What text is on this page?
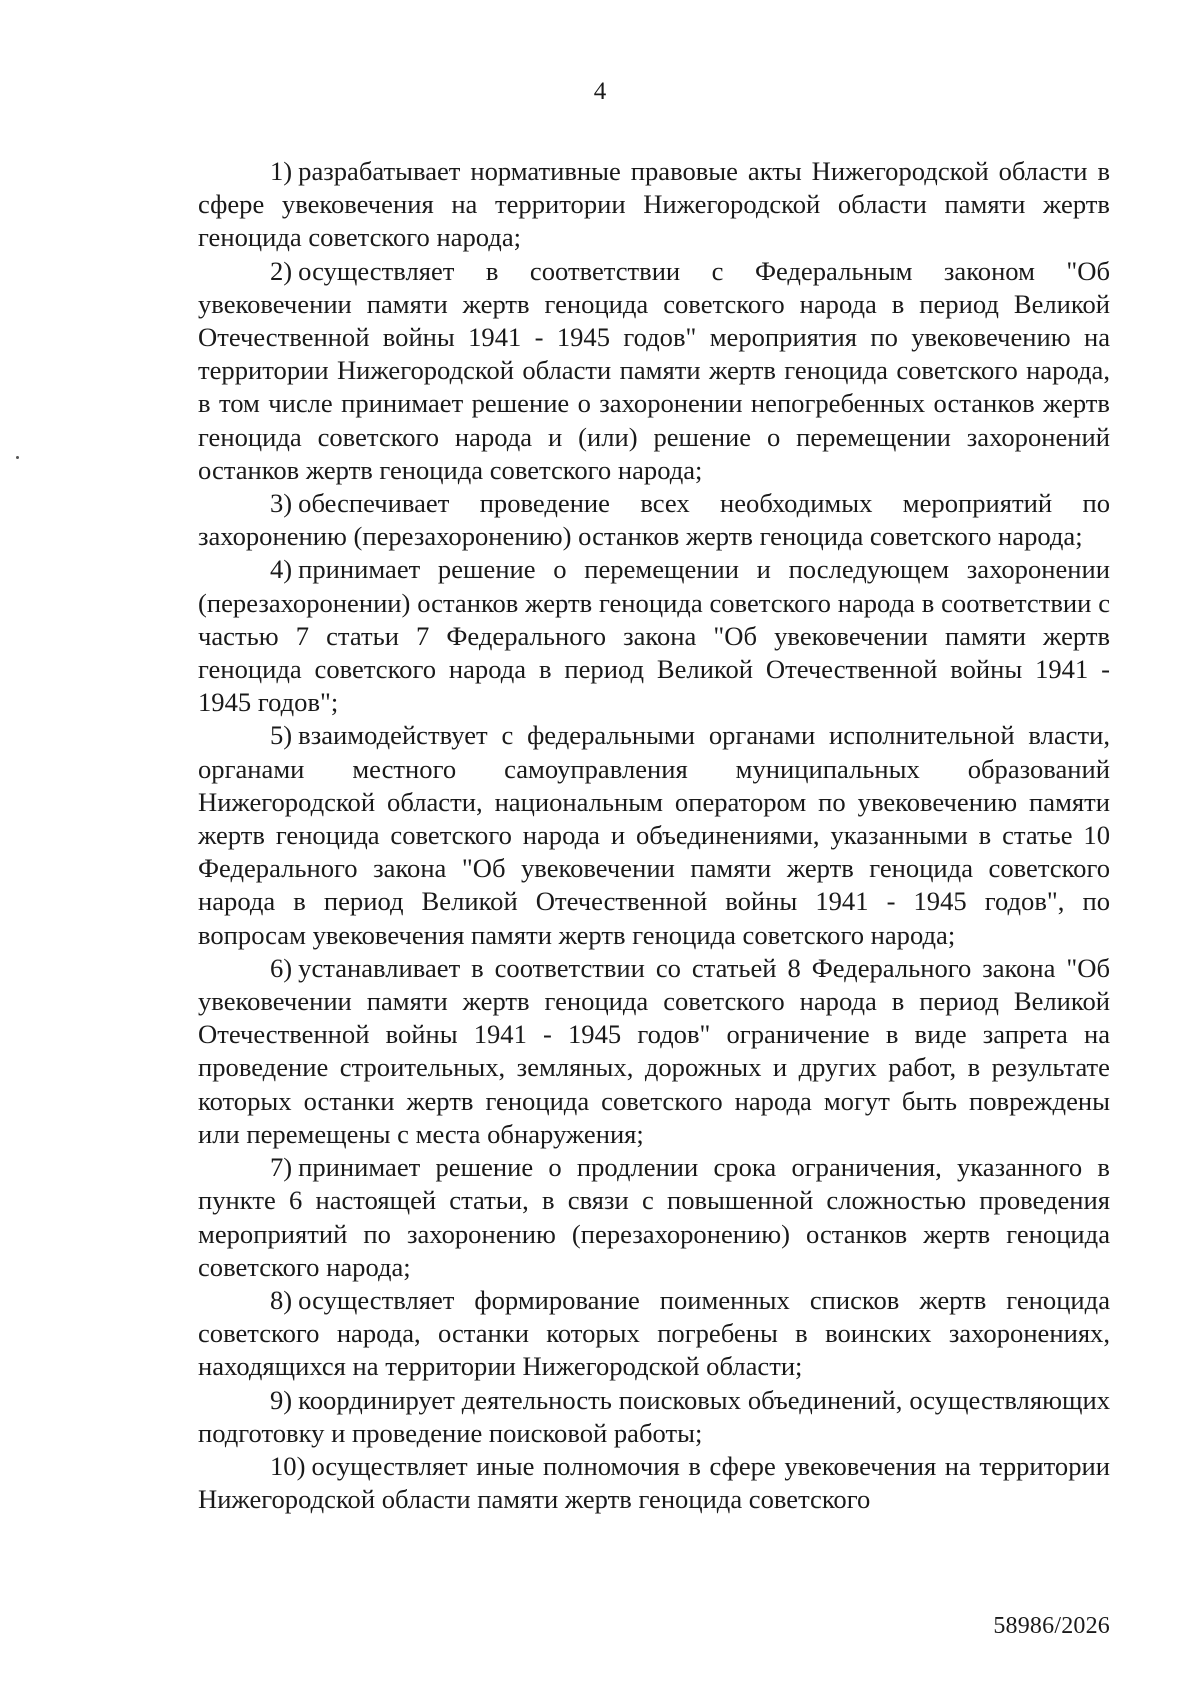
4

1) разрабатывает нормативные правовые акты Нижегородской области в сфере увековечения на территории Нижегородской области памяти жертв геноцида советского народа;

2) осуществляет в соответствии с Федеральным законом "Об увековечении памяти жертв геноцида советского народа в период Великой Отечественной войны 1941 - 1945 годов" мероприятия по увековечению на территории Нижегородской области памяти жертв геноцида советского народа, в том числе принимает решение о захоронении непогребенных останков жертв геноцида советского народа и (или) решение о перемещении захоронений останков жертв геноцида советского народа;

3) обеспечивает проведение всех необходимых мероприятий по захоронению (перезахоронению) останков жертв геноцида советского народа;

4) принимает решение о перемещении и последующем захоронении (перезахоронении) останков жертв геноцида советского народа в соответствии с частью 7 статьи 7 Федерального закона "Об увековечении памяти жертв геноцида советского народа в период Великой Отечественной войны 1941 - 1945 годов";

5) взаимодействует с федеральными органами исполнительной власти, органами местного самоуправления муниципальных образований Нижегородской области, национальным оператором по увековечению памяти жертв геноцида советского народа и объединениями, указанными в статье 10 Федерального закона "Об увековечении памяти жертв геноцида советского народа в период Великой Отечественной войны 1941 - 1945 годов", по вопросам увековечения памяти жертв геноцида советского народа;

6) устанавливает в соответствии со статьей 8 Федерального закона "Об увековечении памяти жертв геноцида советского народа в период Великой Отечественной войны 1941 - 1945 годов" ограничение в виде запрета на проведение строительных, земляных, дорожных и других работ, в результате которых останки жертв геноцида советского народа могут быть повреждены или перемещены с места обнаружения;

7) принимает решение о продлении срока ограничения, указанного в пункте 6 настоящей статьи, в связи с повышенной сложностью проведения мероприятий по захоронению (перезахоронению) останков жертв геноцида советского народа;

8) осуществляет формирование поименных списков жертв геноцида советского народа, останки которых погребены в воинских захоронениях, находящихся на территории Нижегородской области;

9) координирует деятельность поисковых объединений, осуществляющих подготовку и проведение поисковой работы;

10) осуществляет иные полномочия в сфере увековечения на территории Нижегородской области памяти жертв геноцида советского

58986/2026
